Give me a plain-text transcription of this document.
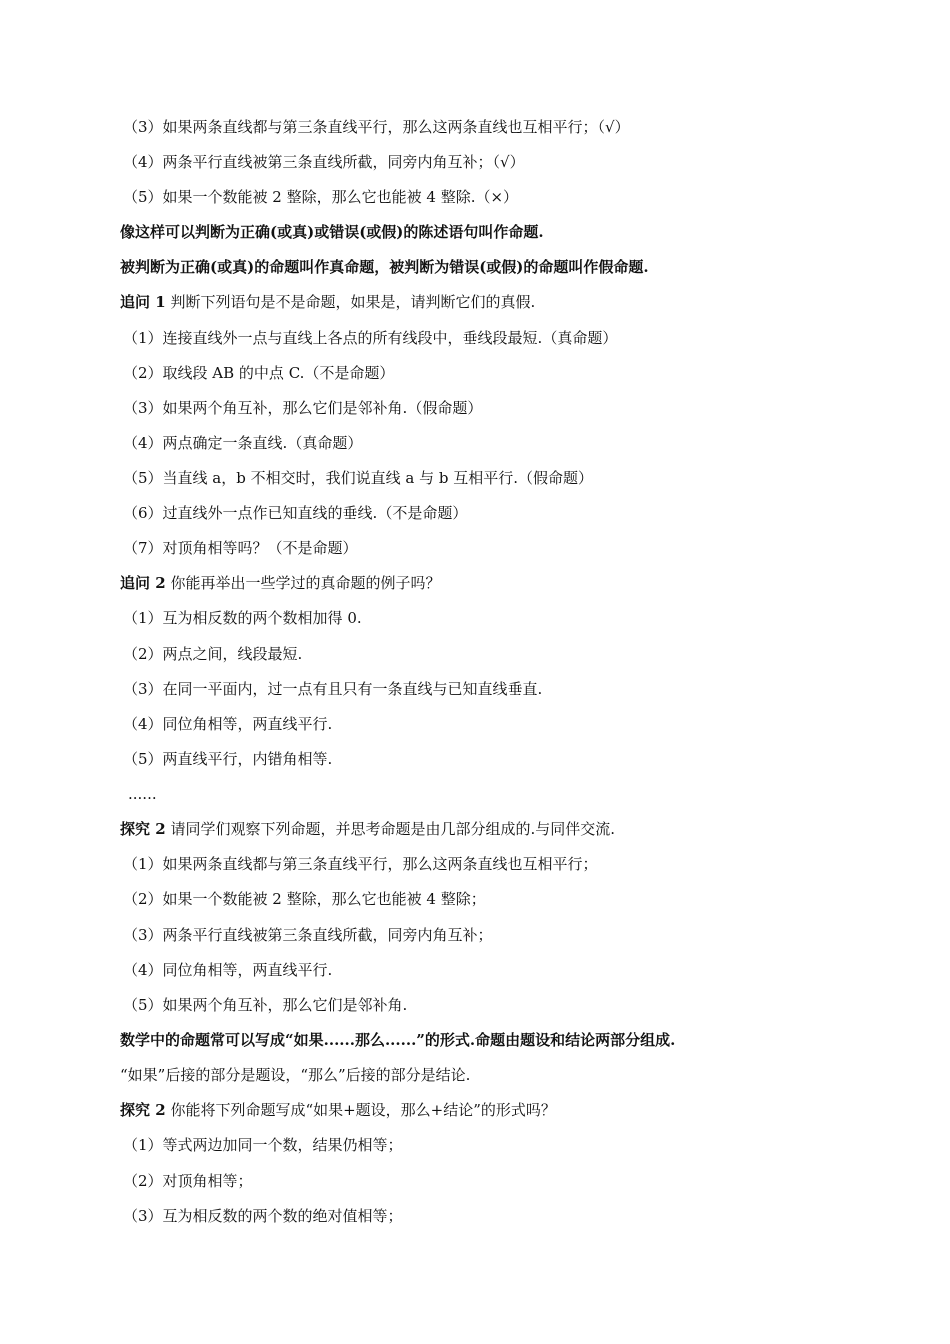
（3）如果两条直线都与第三条直线平行，那么这两条直线也互相平行；（√）
（4）两条平行直线被第三条直线所截，同旁内角互补；（√）
（5）如果一个数能被 2 整除，那么它也能被 4 整除.（×）
像这样可以判断为正确(或真)或错误(或假)的陈述语句叫作命题.
被判断为正确(或真)的命题叫作真命题，被判断为错误(或假)的命题叫作假命题.
追问 1 判断下列语句是不是命题，如果是，请判断它们的真假.
（1）连接直线外一点与直线上各点的所有线段中，垂线段最短.（真命题）
（2）取线段 AB 的中点 C.（不是命题）
（3）如果两个角互补，那么它们是邻补角.（假命题）
（4）两点确定一条直线.（真命题）
（5）当直线 a，b 不相交时，我们说直线 a 与 b 互相平行.（假命题）
（6）过直线外一点作已知直线的垂线.（不是命题）
（7）对顶角相等吗？（不是命题）
追问 2 你能再举出一些学过的真命题的例子吗？
（1）互为相反数的两个数相加得 0.
（2）两点之间，线段最短.
（3）在同一平面内，过一点有且只有一条直线与已知直线垂直.
（4）同位角相等，两直线平行.
（5）两直线平行，内错角相等.
......
探究 2 请同学们观察下列命题，并思考命题是由几部分组成的.与同伴交流.
（1）如果两条直线都与第三条直线平行，那么这两条直线也互相平行；
（2）如果一个数能被 2 整除，那么它也能被 4 整除；
（3）两条平行直线被第三条直线所截，同旁内角互补；
（4）同位角相等，两直线平行.
（5）如果两个角互补，那么它们是邻补角.
数学中的命题常可以写成“如果......那么......”的形式.命题由题设和结论两部分组成.
“如果”后接的部分是题设，“那么”后接的部分是结论.
探究 2 你能将下列命题写成“如果+题设，那么+结论”的形式吗？
（1）等式两边加同一个数，结果仍相等；
（2）对顶角相等；
（3）互为相反数的两个数的绝对值相等；
